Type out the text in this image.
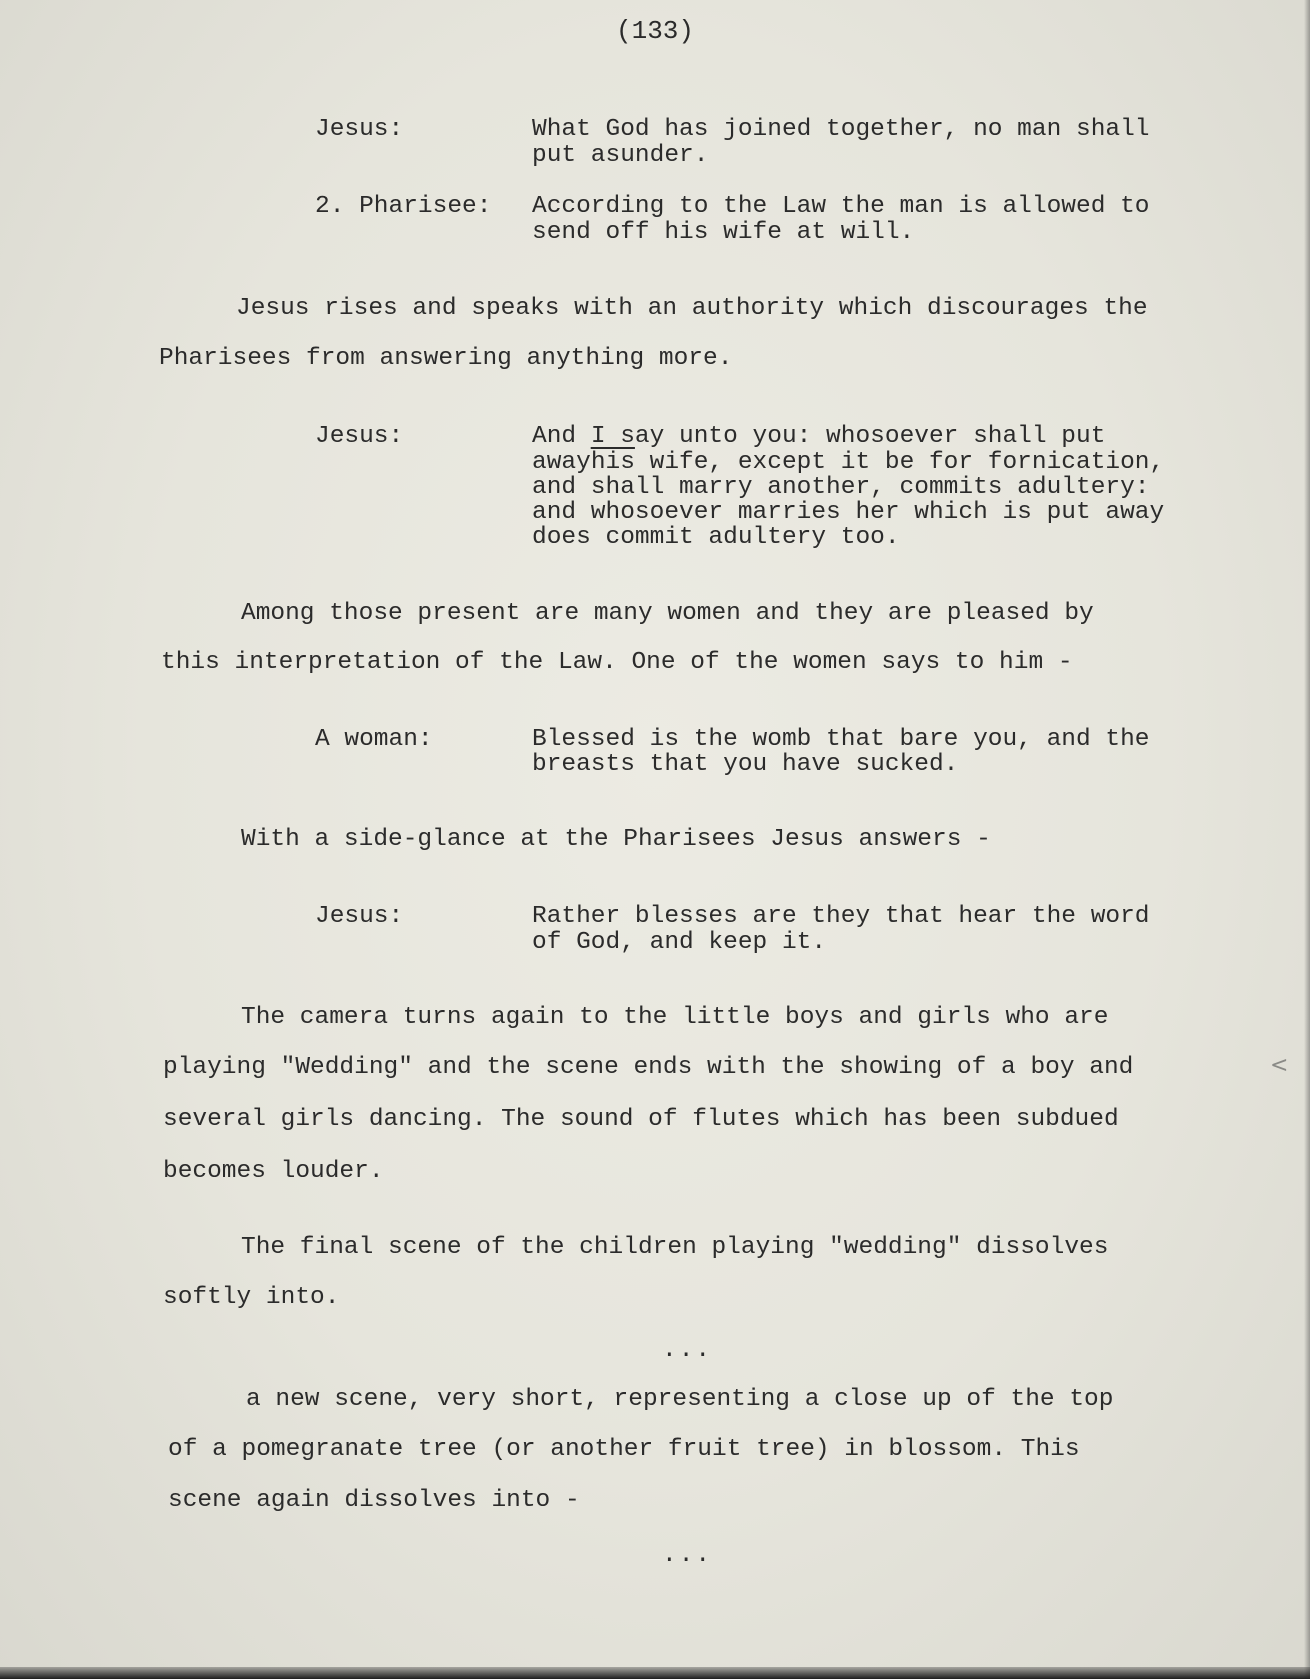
(133)
Jesus:	What God has joined together, no man shall
put asunder.
2. Pharisee: According to the Law the man is allowed to
send off his wife at will.
Jesus rises and speaks with an authority which discourages the
Pharisees from answering anything more.
Jesus:	And I say unto you: whosoever shall put
$away\overline{his}$ wife, except it be for fornication,
and shall marry another, commits adultery:
and whosoever marries her which is put away
does commit adultery too.
Among those present are many women and they are pleased by
this interpretation of the Law. One of the women says to him -
A woman:	Blessed is the womb that bare you, and the
breasts that you have sucked.
With a side-glance at the Pharisees Jesus answers -
Jesus:	Rather blesses are they that hear the word
of God, and keep it.
The camera turns again to the little boys and girls who are
playing "Wedding" and the scene ends with the showing of a boy and
several girls dancing. The sound of flutes which has been subdued
becomes louder.
The final scene of the children playing "wedding" dissolves
softly into.
...
a new scene, very short, representing a close up of the top
of a pomegranate tree (or another fruit tree) in blossom. This
scene again dissolves into -
...
<
